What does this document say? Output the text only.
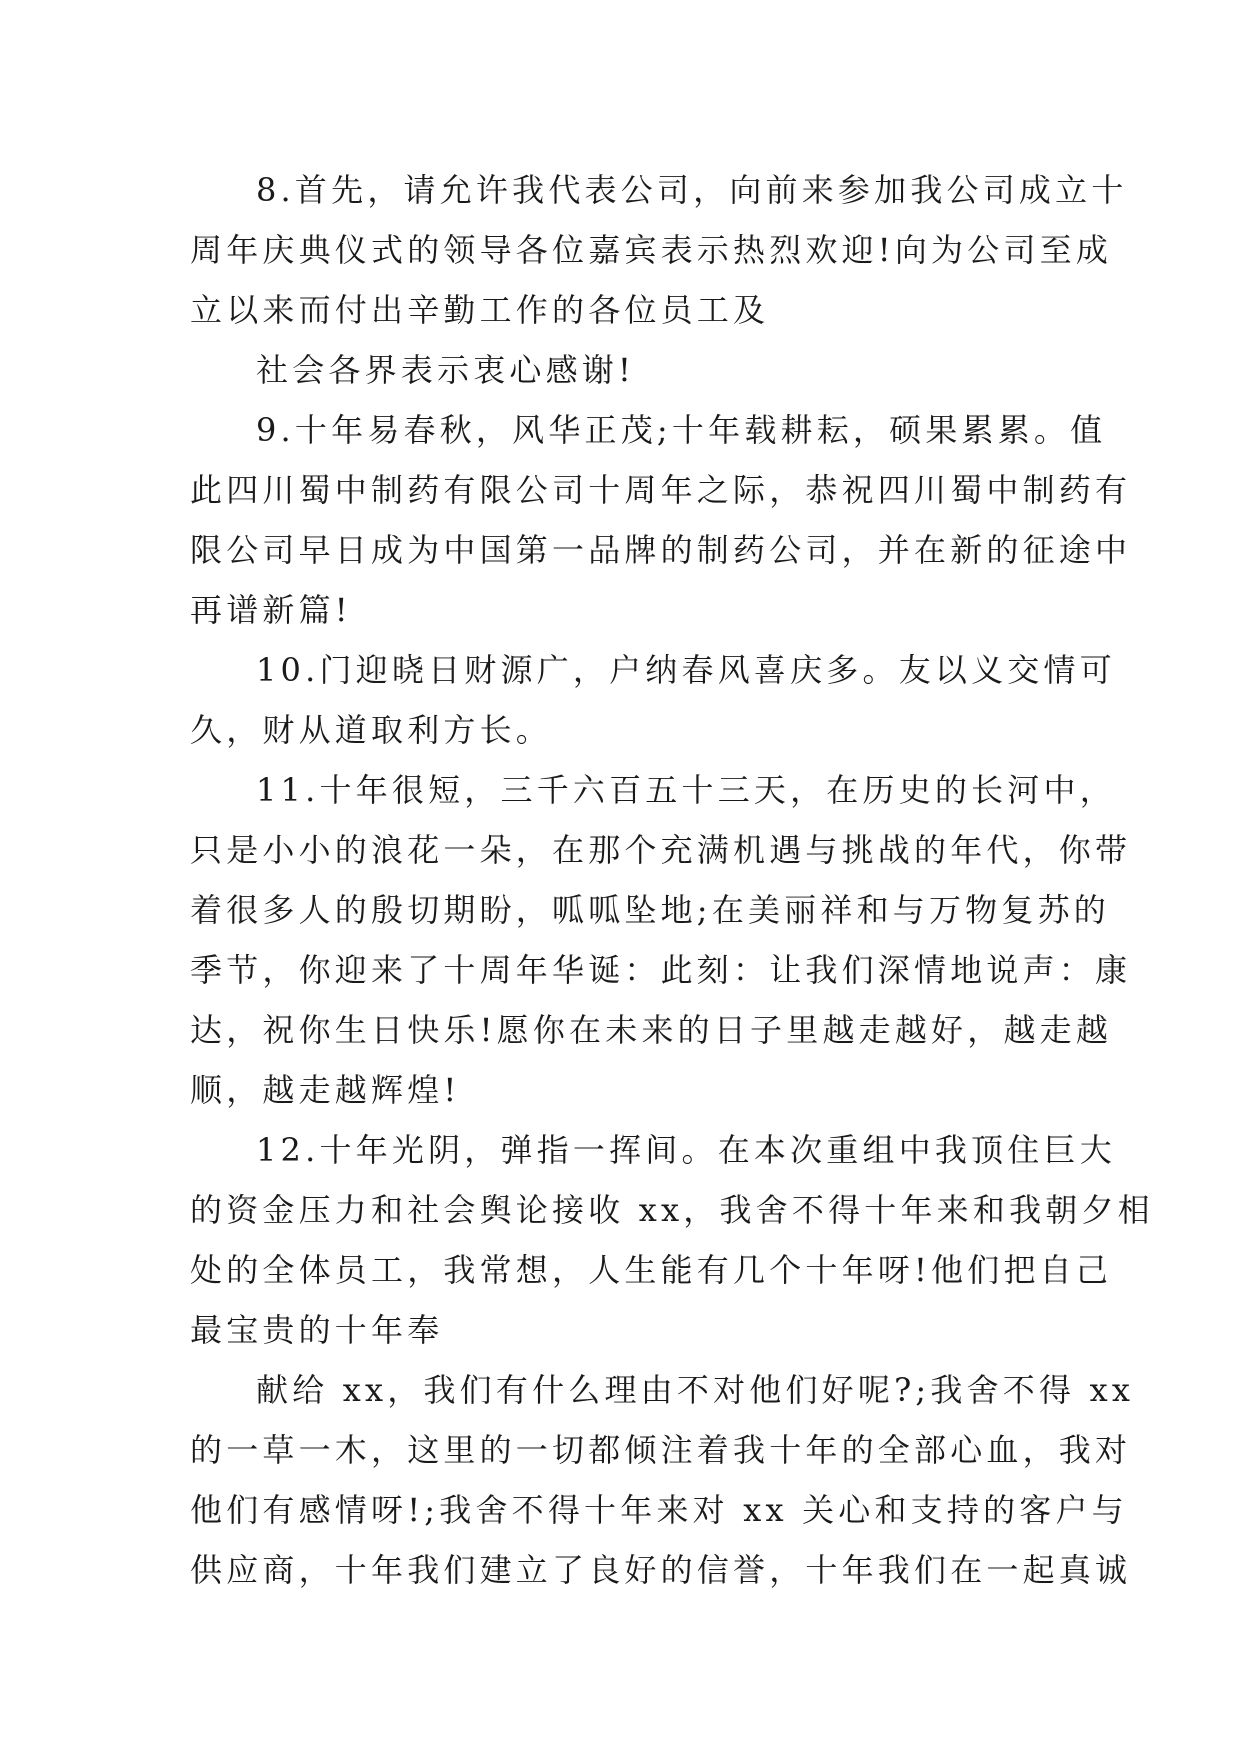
8.首先，请允许我代表公司，向前来参加我公司成立十
周年庆典仪式的领导各位嘉宾表示热烈欢迎!向为公司至成
立以来而付出辛勤工作的各位员工及
社会各界表示衷心感谢!
9.十年易春秋，风华正茂;十年载耕耘，硕果累累。值
此四川蜀中制药有限公司十周年之际，恭祝四川蜀中制药有
限公司早日成为中国第一品牌的制药公司，并在新的征途中
再谱新篇!
10.门迎晓日财源广，户纳春风喜庆多。友以义交情可
久，财从道取利方长。
11.十年很短，三千六百五十三天，在历史的长河中，
只是小小的浪花一朵，在那个充满机遇与挑战的年代，你带
着很多人的殷切期盼，呱呱坠地;在美丽祥和与万物复苏的
季节，你迎来了十周年华诞：此刻：让我们深情地说声：康
达，祝你生日快乐!愿你在未来的日子里越走越好，越走越
顺，越走越辉煌!
12.十年光阴，弹指一挥间。在本次重组中我顶住巨大
的资金压力和社会舆论接收 xx，我舍不得十年来和我朝夕相
处的全体员工，我常想，人生能有几个十年呀!他们把自己
最宝贵的十年奉
献给 xx，我们有什么理由不对他们好呢?;我舍不得 xx
的一草一木，这里的一切都倾注着我十年的全部心血，我对
他们有感情呀!;我舍不得十年来对 xx 关心和支持的客户与
供应商，十年我们建立了良好的信誉，十年我们在一起真诚
